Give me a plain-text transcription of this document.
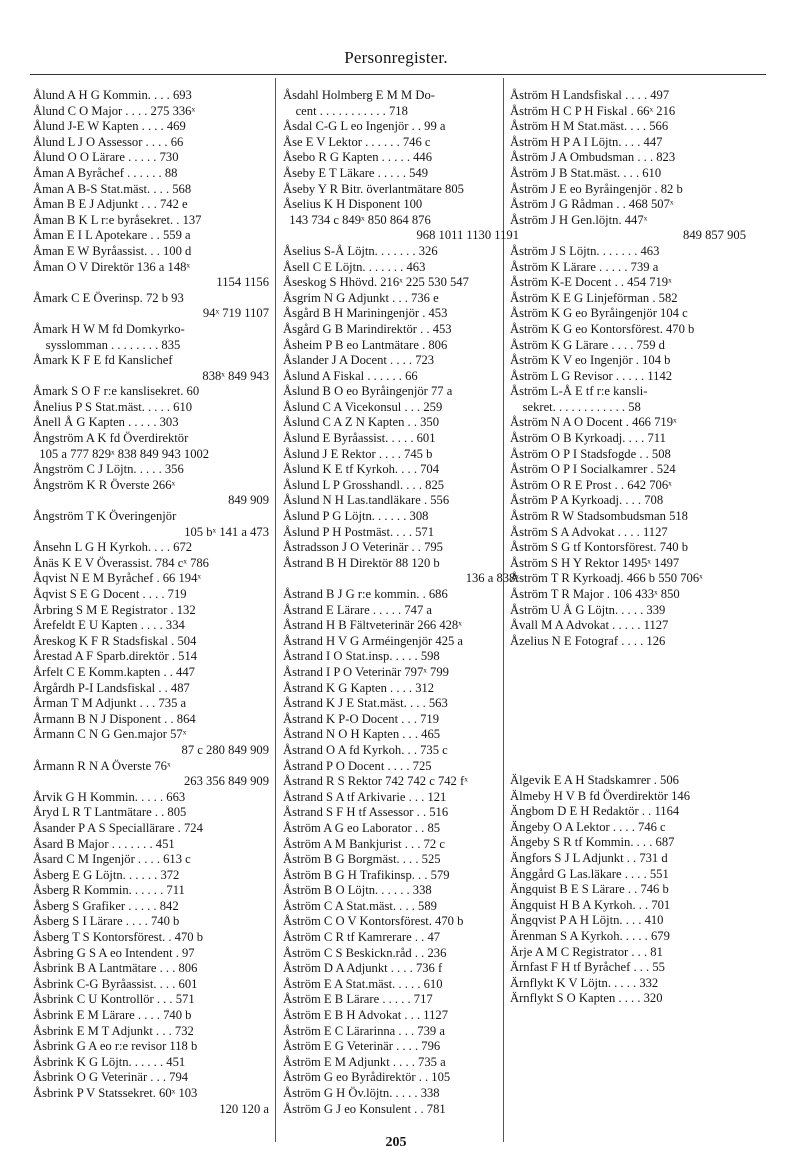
Personregister.
Ålund A H G Kommin. . . . 693
Ålund C O Major . . . . 275 336ˣ
Ålund J-E W Kapten . . . . 469
Ålund L J O Assessor . . . . 66
Ålund O O Lärare . . . . . 730
Åman A Byråchef . . . . . . 88
Åman A B-S Stat.mäst. . . . 568
Åman B E J Adjunkt . . . 742 e
Åman B K L r:e byråsekret. . 137
Åman E I L Apotekare . . 559 a
Åman E W Byråassist. . . 100 d
Åman O V Direktör 136 a 148ˣ
1154 1156
Åmark C E Överinsp. 72 b 93
94ˣ 719 1107
Åmark H W M fd Domkyrko-
sysslomman . . . . . . . . 835
Åmark K F E fd Kanslichef
838ˣ 849 943
Åmark S O F r:e kanslisekret. 60
Ånelius P S Stat.mäst. . . . . 610
Ånell Å G Kapten . . . . . 303
Ångström A K fd Överdirektör
105 a 777 829ˣ 838 849 943 1002
Ångström C J Löjtn. . . . . 356
Ångström K R Överste 266ˣ
849 909
Ångström T K Överingenjör
105 bˣ 141 a 473
Ånsehn L G H Kyrkoh. . . . 672
Ånäs K E V Överassist. 784 cˣ 786
Åqvist N E M Byråchef . 66 194ˣ
Åqvist S E G Docent . . . . 719
Årbring S M E Registrator . 132
Årefeldt E U Kapten . . . . 334
Åreskog K F R Stadsfiskal . 504
Årestad A F Sparb.direktör . 514
Årfelt C E Komm.kapten . . 447
Årgårdh P-I Landsfiskal . . 487
Årman T M Adjunkt . . . 735 a
Årmann B N J Disponent . . 864
Årmann C N G Gen.major 57ˣ
87 c 280 849 909
Årmann R N A Överste 76ˣ
263 356 849 909
Årvik G H Kommin. . . . . 663
Åryd L R T Lantmätare . . 805
Åsander P A S Speciallärare . 724
Åsard B Major . . . . . . . 451
Åsard C M Ingenjör . . . . 613 c
Åsberg E G Löjtn. . . . . . 372
Åsberg R Kommin. . . . . . 711
Åsberg S Grafiker . . . . . 842
Åsberg S I Lärare . . . . 740 b
Åsberg T S Kontorsförest. . 470 b
Åsbring G S A eo Intendent . 97
Åsbrink B A Lantmätare . . . 806
Åsbrink C-G Byråassist. . . . 601
Åsbrink C U Kontrollör . . . 571
Åsbrink E M Lärare . . . . 740 b
Åsbrink E M T Adjunkt . . . 732
Åsbrink G A eo r:e revisor 118 b
Åsbrink K G Löjtn. . . . . . 451
Åsbrink O G Veterinär . . . 794
Åsbrink P V Statssekret. 60ˣ 103
120 120 a
Åsdahl Holmberg E M M Do-
cent . . . . . . . . . . . 718
Åsdal C-G L eo Ingenjör . . 99 a
Åse E V Lektor . . . . . . 746 c
Åsebo R G Kapten . . . . . 446
Åseby E T Läkare . . . . . 549
Åseby Y R Bitr. överlantmätare 805
Åselius K H Disponent 100
143 734 c 849ˣ 850 864 876
968 1011 1130 1191
Åselius S-Å Löjtn. . . . . . . 326
Åsell C E Löjtn. . . . . . . 463
Åseskog S Hhövd. 216ˣ 225 530 547
Åsgrim N G Adjunkt . . . 736 e
Åsgård B H Mariningenjör . 453
Åsgård G B Marindirektör . . 453
Åsheim P B eo Lantmätare . 806
Åslander J A Docent . . . . 723
Åslund A Fiskal . . . . . . 66
Åslund B O eo Byråingenjör 77 a
Åslund C A Vicekonsul . . . 259
Åslund C A Z N Kapten . . 350
Åslund E Byråassist. . . . . 601
Åslund J E Rektor . . . . 745 b
Åslund K E tf Kyrkoh. . . . 704
Åslund L P Grosshandl. . . . 825
Åslund N H Las.tandläkare . 556
Åslund P G Löjtn. . . . . . 308
Åslund P H Postmäst. . . . 571
Åstradsson J O Veterinär . . 795
Åstrand B H Direktör 88 120 b
136 a 838ˣ
Åstrand B J G r:e kommin. . 686
Åstrand E Lärare . . . . . 747 a
Åstrand H B Fältveterinär 266 428ˣ
Åstrand H V G Arméingenjör 425 a
Åstrand I O Stat.insp. . . . . 598
Åstrand I P O Veterinär 797ˣ 799
Åstrand K G Kapten . . . . 312
Åstrand K J E Stat.mäst. . . . 563
Åstrand K P-O Docent . . . 719
Åstrand N O H Kapten . . . 465
Åstrand O A fd Kyrkoh. . . 735 c
Åstrand P O Docent . . . . 725
Åstrand R S Rektor 742 742 c 742 fˣ
Åstrand S A tf Arkivarie . . . 121
Åstrand S F H tf Assessor . . 516
Åström A G eo Laborator . . 85
Åström A M Bankjurist . . . 72 c
Åström B G Borgmäst. . . . 525
Åström B G H Trafikinsp. . . 579
Åström B O Löjtn. . . . . . 338
Åström C A Stat.mäst. . . . 589
Åström C O V Kontorsförest. 470 b
Åström C R tf Kamrerare . . 47
Åström C S Beskickn.råd . . 236
Åström D A Adjunkt . . . . 736 f
Åström E A Stat.mäst. . . . . 610
Åström E B Lärare . . . . . 717
Åström E B H Advokat . . . 1127
Åström E C Lärarinna . . . 739 a
Åström E G Veterinär . . . . 796
Åström E M Adjunkt . . . . 735 a
Åström G eo Byrådirektör . . 105
Åström G H Öv.löjtn. . . . . 338
Åström G J eo Konsulent . . 781
Åström H Landsfiskal . . . . 497
Åström H C P H Fiskal . 66ˣ 216
Åström H M Stat.mäst. . . . 566
Åström H P A I Löjtn. . . . 447
Åström J A Ombudsman . . . 823
Åström J B Stat.mäst. . . . 610
Åström J E eo Byråingenjör . 82 b
Åström J G Rådman . . 468 507ˣ
Åström J H Gen.löjtn. 447ˣ
849 857 905
Åström J S Löjtn. . . . . . . 463
Åström K Lärare . . . . . 739 a
Åström K-E Docent . . 454 719ˣ
Åström K E G Linjeförman . 582
Åström K G eo Byråingenjör 104 c
Åström K G eo Kontorsförest. 470 b
Åström K G Lärare . . . . 759 d
Åström K V eo Ingenjör . 104 b
Åström L G Revisor . . . . . 1142
Åström L-Å E tf r:e kansli-
sekret. . . . . . . . . . . . 58
Åström N A O Docent . 466 719ˣ
Åström O B Kyrkoadj. . . . 711
Åström O P I Stadsfogde . . 508
Åström O P I Socialkamrer . 524
Åström O R E Prost . . 642 706ˣ
Åström P A Kyrkoadj. . . . 708
Åström R W Stadsombudsman 518
Åström S A Advokat . . . . 1127
Åström S G tf Kontorsförest. 740 b
Åström S H Y Rektor 1495ˣ 1497
Åström T R Kyrkoadj. 466 b 550 706ˣ
Åström T R Major . 106 433ˣ 850
Åström U Å G Löjtn. . . . . 339
Åvall M A Advokat . . . . . 1127
Åzelius N E Fotograf . . . . 126
Älgevik E A H Stadskamrer . 506
Älmeby H V B fd Överdirektör 146
Ängbom D E H Redaktör . . 1164
Ängeby O A Lektor . . . . 746 c
Ängeby S R tf Kommin. . . . 687
Ängfors S J L Adjunkt . . 731 d
Änggård G Las.läkare . . . . 551
Ängquist B E S Lärare . . 746 b
Ängquist H B A Kyrkoh. . . 701
Ängqvist P A H Löjtn. . . . 410
Ärenman S A Kyrkoh. . . . . 679
Ärje A M C Registrator . . . 81
Ärnfast F H tf Byråchef . . . 55
Ärnflykt K V Löjtn. . . . . 332
Ärnflykt S O Kapten . . . . 320
205
